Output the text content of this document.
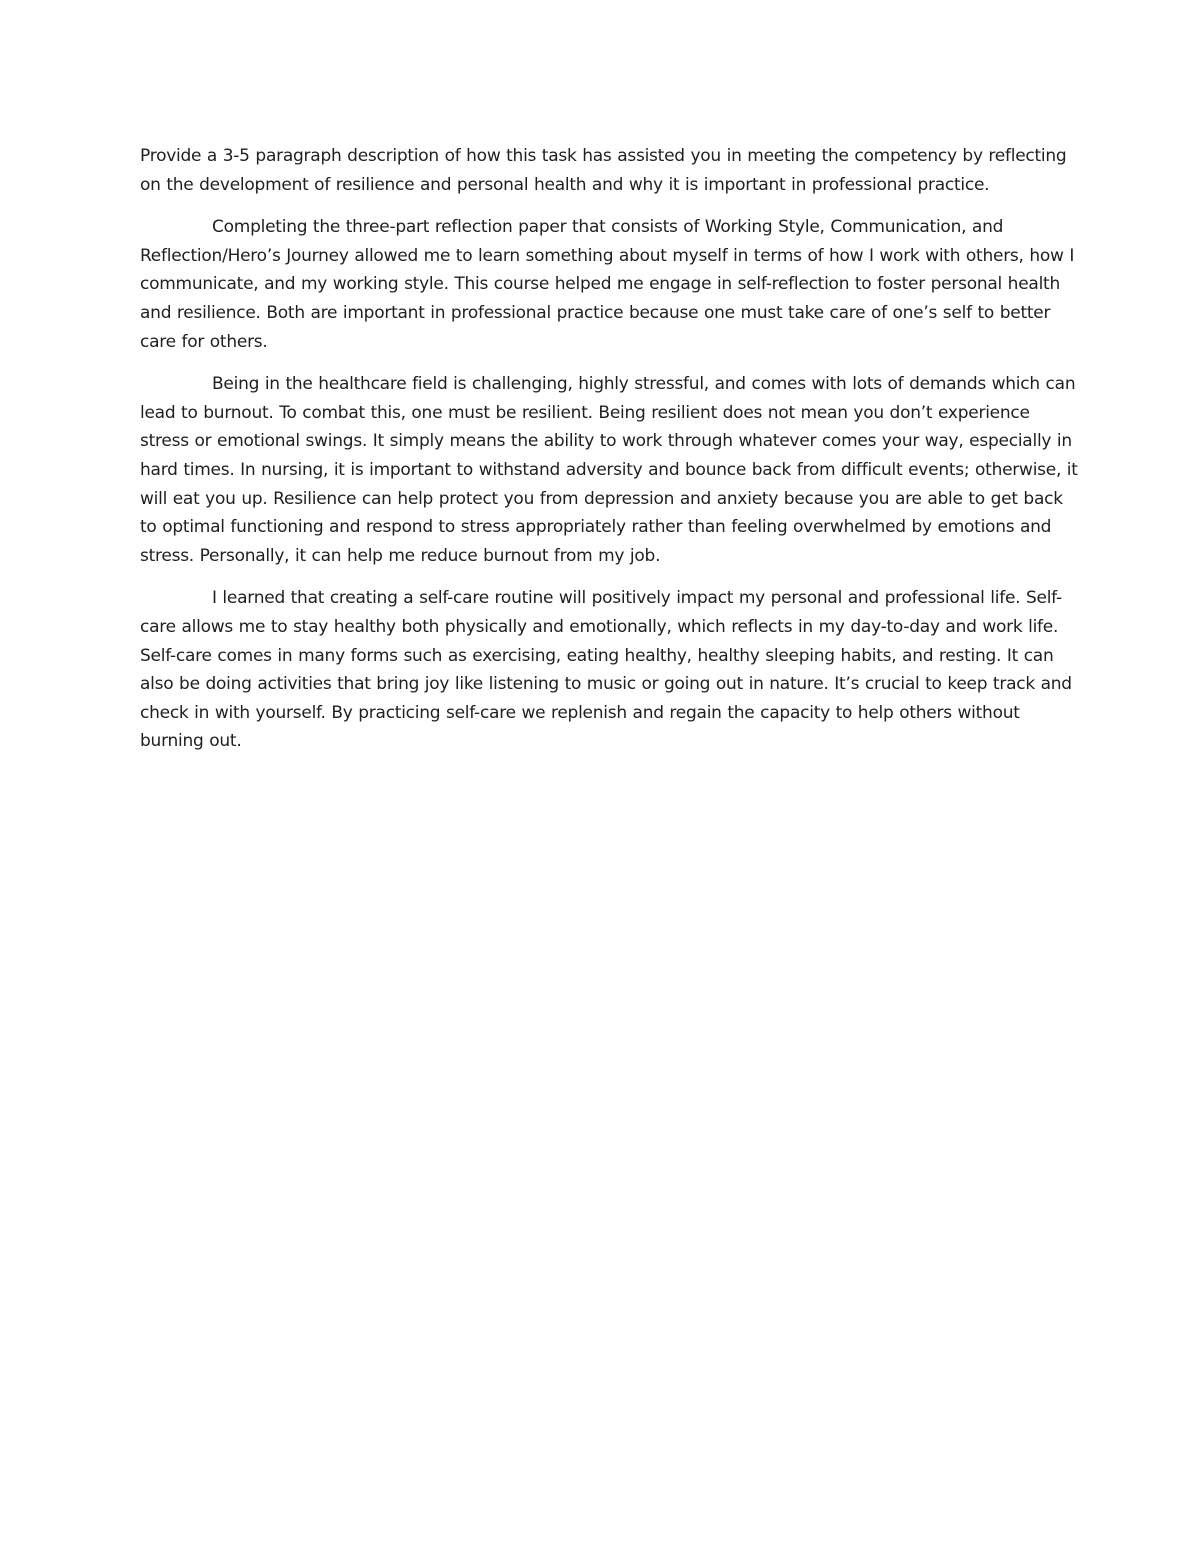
Provide a 3-5 paragraph description of how this task has assisted you in meeting the competency by reflecting on the development of resilience and personal health and why it is important in professional practice.

Completing the three-part reflection paper that consists of Working Style, Communication, and Reflection/Hero’s Journey allowed me to learn something about myself in terms of how I work with others, how I communicate, and my working style. This course helped me engage in self-reflection to foster personal health and resilience. Both are important in professional practice because one must take care of one’s self to better care for others.

Being in the healthcare field is challenging, highly stressful, and comes with lots of demands which can lead to burnout. To combat this, one must be resilient. Being resilient does not mean you don’t experience stress or emotional swings. It simply means the ability to work through whatever comes your way, especially in hard times. In nursing, it is important to withstand adversity and bounce back from difficult events; otherwise, it will eat you up. Resilience can help protect you from depression and anxiety because you are able to get back to optimal functioning and respond to stress appropriately rather than feeling overwhelmed by emotions and stress. Personally, it can help me reduce burnout from my job.

I learned that creating a self-care routine will positively impact my personal and professional life. Self-care allows me to stay healthy both physically and emotionally, which reflects in my day-to-day and work life. Self-care comes in many forms such as exercising, eating healthy, healthy sleeping habits, and resting. It can also be doing activities that bring joy like listening to music or going out in nature. It’s crucial to keep track and check in with yourself. By practicing self-care we replenish and regain the capacity to help others without burning out.
